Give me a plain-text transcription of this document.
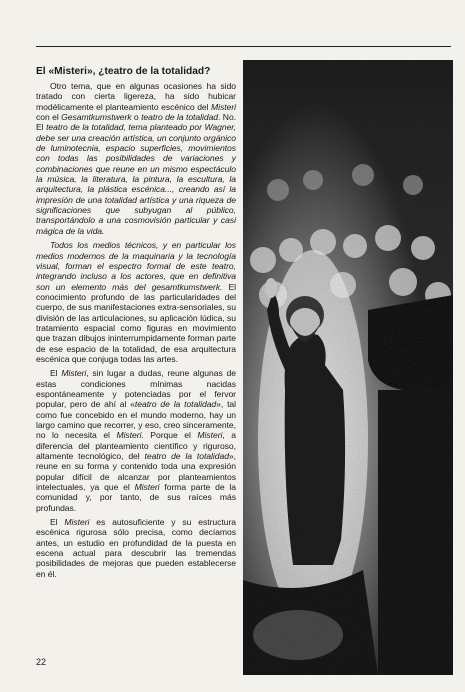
El «Misteri», ¿teatro de la totalidad?

Otro tema, que en algunas ocasiones ha sido tratado con cierta ligereza, ha sido hubicar modélicamente el planteamiento escénico del Misteri con el Gesamtkumstwerk o teatro de la totalidad. No. El teatro de la totalidad, tema planteado por Wagner, debe ser una creación artística, un conjunto orgánico de luminotecnia, espacio superficies, movimientos con todas las posibilidades de variaciones y combinaciones que reune en un mismo espectáculo la música, la literatura, la pintura, la escultura, la arquitectura, la plástica escénica..., creando así la impresión de una totalidad artística y una riqueza de significaciones que subyugan al público, transportándolo a una cosmovisión particular y casi mágica de la vida.

Todos los medios técnicos, y en particular los medios modernos de la maquinaria y la tecnología visual, forman el espectro formal de este teatro, integrando incluso a los actores, que en definitiva son un elemento más del gesamtkumstwerk. El conocimiento profundo de las particularidades del cuerpo, de sus manifestaciones extra-sensoriales, su división de las articulaciones, su aplicación lúdica, su tratamiento espacial como figuras en movimiento que trazan dibujos ininterrumpidamente forman parte de ese espacio de la totalidad, de esa arquitectura escénica que conjuga todas las artes.

El Misteri, sin lugar a dudas, reune algunas de estas condiciones mínimas nacidas espontáneamente y potenciadas por el fervor popular, pero de ahí al «teatro de la totalidad», tal como fue concebido en el mundo moderno, hay un largo camino que recorrer, y eso, creo sinceramente, no lo necesita el Misteri. Porque el Misteri, a diferencia del planteamiento científico y riguroso, altamente tecnológico, del teatro de la totalidad», reune en su forma y contenido toda una expresión popular difícil de alcanzar por planteamientos intelectuales, ya que el Misteri forma parte de la comunidad y, por tanto, de sus raíces más profundas.

El Misteri es autosuficiente y su estructura escénica rigurosa sólo precisa, como decíamos antes, un estudio en profundidad de la puesta en escena actual para descubrir las tremendas posibilidades de mejoras que pueden establecerse en él.

22
